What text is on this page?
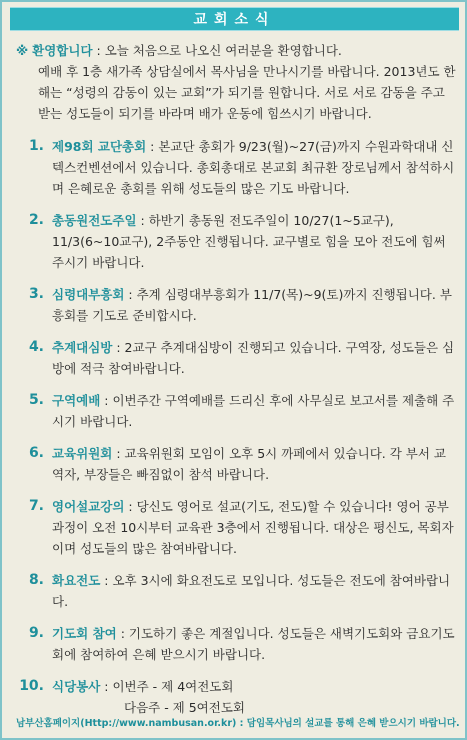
교회소식
※ 환영합니다 : 오늘 처음으로 나오신 여러분을 환영합니다.
예배 후 1층 새가족 상담실에서 목사님을 만나시기를 바랍니다. 2013년도 한 해는 “성령의 감동이 있는 교회”가 되기를 원합니다. 서로 서로 감동을 주고 받는 성도들이 되기를 바라며 배가 운동에 힘쓰시기 바랍니다.
1. 제98회 교단총회 : 본교단 총회가 9/23(월)~27(금)까지 수원과학대내 신텍스컨벤션에서 있습니다. 총회총대로 본교회 최규환 장로님께서 참석하시며 은혜로운 총회를 위해 성도들의 많은 기도 바랍니다.
2. 총동원전도주일 : 하반기 총동원 전도주일이 10/27(1~5교구), 11/3(6~10교구), 2주동안 진행됩니다. 교구별로 힘을 모아 전도에 힘써 주시기 바랍니다.
3. 심령대부흥회 : 추계 심령대부흥회가 11/7(목)~9(토)까지 진행됩니다. 부흥회를 기도로 준비합시다.
4. 추계대심방 : 2교구 추계대심방이 진행되고 있습니다. 구역장, 성도들은 심방에 적극 참여바랍니다.
5. 구역예배 : 이번주간 구역예배를 드리신 후에 사무실로 보고서를 제출해 주시기 바랍니다.
6. 교육위원회 : 교육위원회 모임이 오후 5시 까페에서 있습니다. 각 부서 교역자, 부장들은 빠짐없이 참석 바랍니다.
7. 영어설교강의 : 당신도 영어로 설교(기도, 전도)할 수 있습니다! 영어 공부과정이 오전 10시부터 교육관 3층에서 진행됩니다. 대상은 평신도, 목회자이며 성도들의 많은 참여바랍니다.
8. 화요전도 : 오후 3시에 화요전도로 모입니다. 성도들은 전도에 참여바랍니다.
9. 기도회 참여 : 기도하기 좋은 계절입니다. 성도들은 새벽기도회와 금요기도회에 참여하여 은혜 받으시기 바랍니다.
10. 식당봉사 : 이번주 - 제 4여전도회
다음주 - 제 5여전도회
남부산홈페이지(Http://www.nambusan.or.kr) : 담임목사님의 설교를 통해 은혜 받으시기 바랍니다.
